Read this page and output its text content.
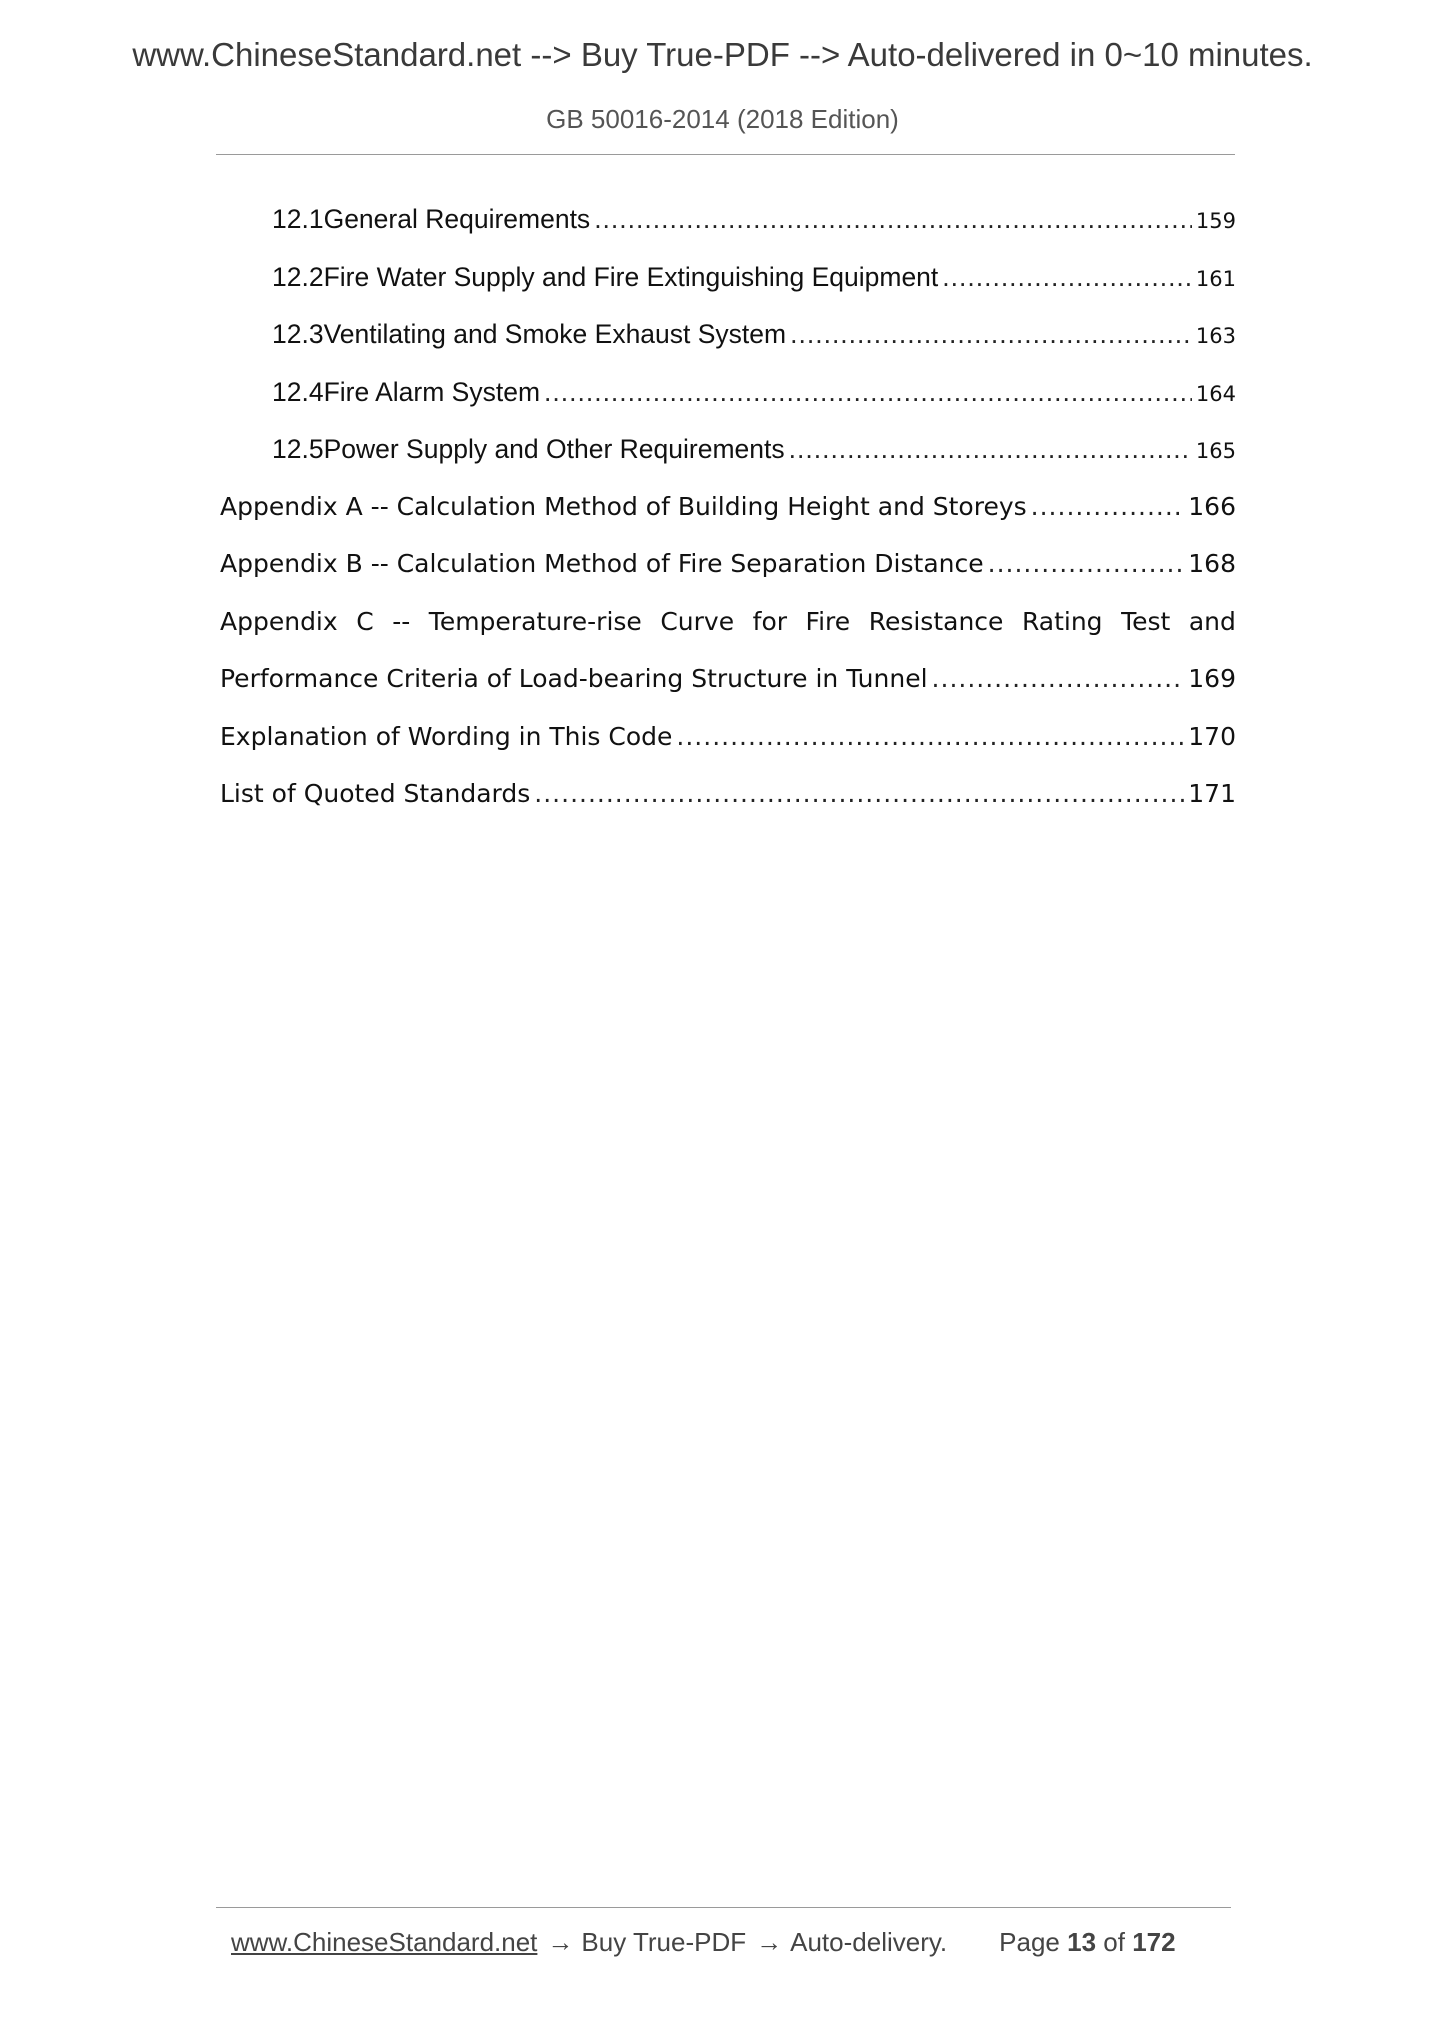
www.ChineseStandard.net --> Buy True-PDF --> Auto-delivered in 0~10 minutes.
GB 50016-2014 (2018 Edition)
12.1 General Requirements .....	159
12.2 Fire Water Supply and Fire Extinguishing Equipment .....	161
12.3 Ventilating and Smoke Exhaust System .....	163
12.4 Fire Alarm System .....	164
12.5 Power Supply and Other Requirements .....	165
Appendix A -- Calculation Method of Building Height and Storeys .....	166
Appendix B -- Calculation Method of Fire Separation Distance .....	168
Appendix C -- Temperature-rise Curve for Fire Resistance Rating Test and
Performance Criteria of Load-bearing Structure in Tunnel .....	169
Explanation of Wording in This Code .....	170
List of Quoted Standards .....	171
www.ChineseStandard.net → Buy True-PDF → Auto-delivery. Page 13 of 172
